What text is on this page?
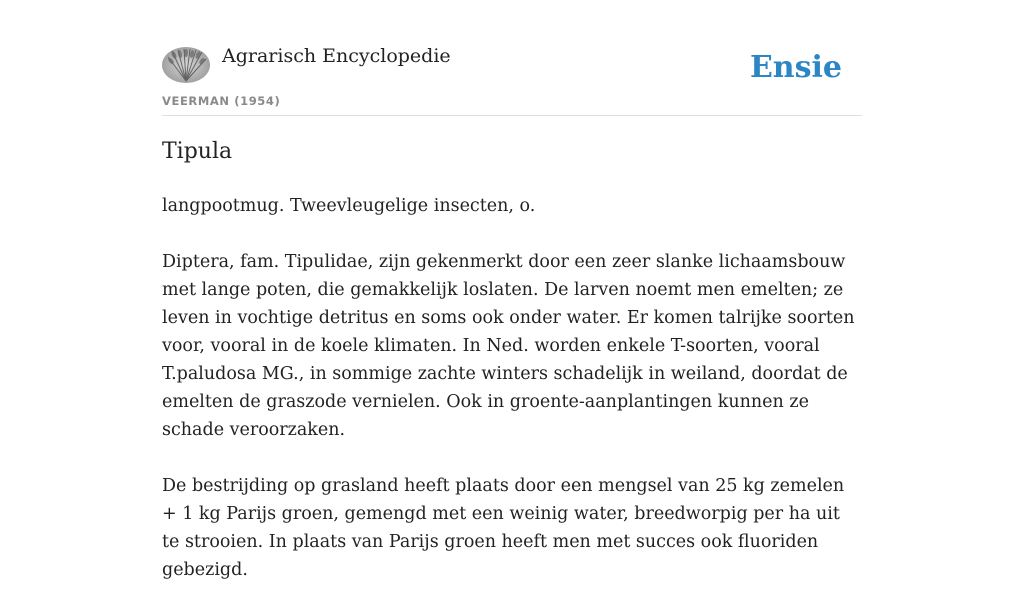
Agrarisch Encyclopedie
VEERMAN (1954)
Ensie
Tipula

langpootmug. Tweevleugelige insecten, o.

Diptera, fam. Tipulidae, zijn gekenmerkt door een zeer slanke lichaamsbouw met lange poten, die gemakkelijk loslaten. De larven noemt men emelten; ze leven in vochtige detritus en soms ook onder water. Er komen talrijke soorten voor, vooral in de koele klimaten. In Ned. worden enkele T-soorten, vooral T.paludosa MG., in sommige zachte winters schadelijk in weiland, doordat de emelten de graszode vernielen. Ook in groente-aanplantingen kunnen ze schade veroorzaken.

De bestrijding op grasland heeft plaats door een mengsel van 25 kg zemelen + 1 kg Parijs groen, gemengd met een weinig water, breedworpig per ha uit te strooien. In plaats van Parijs groen heeft men met succes ook fluoriden gebezigd.
